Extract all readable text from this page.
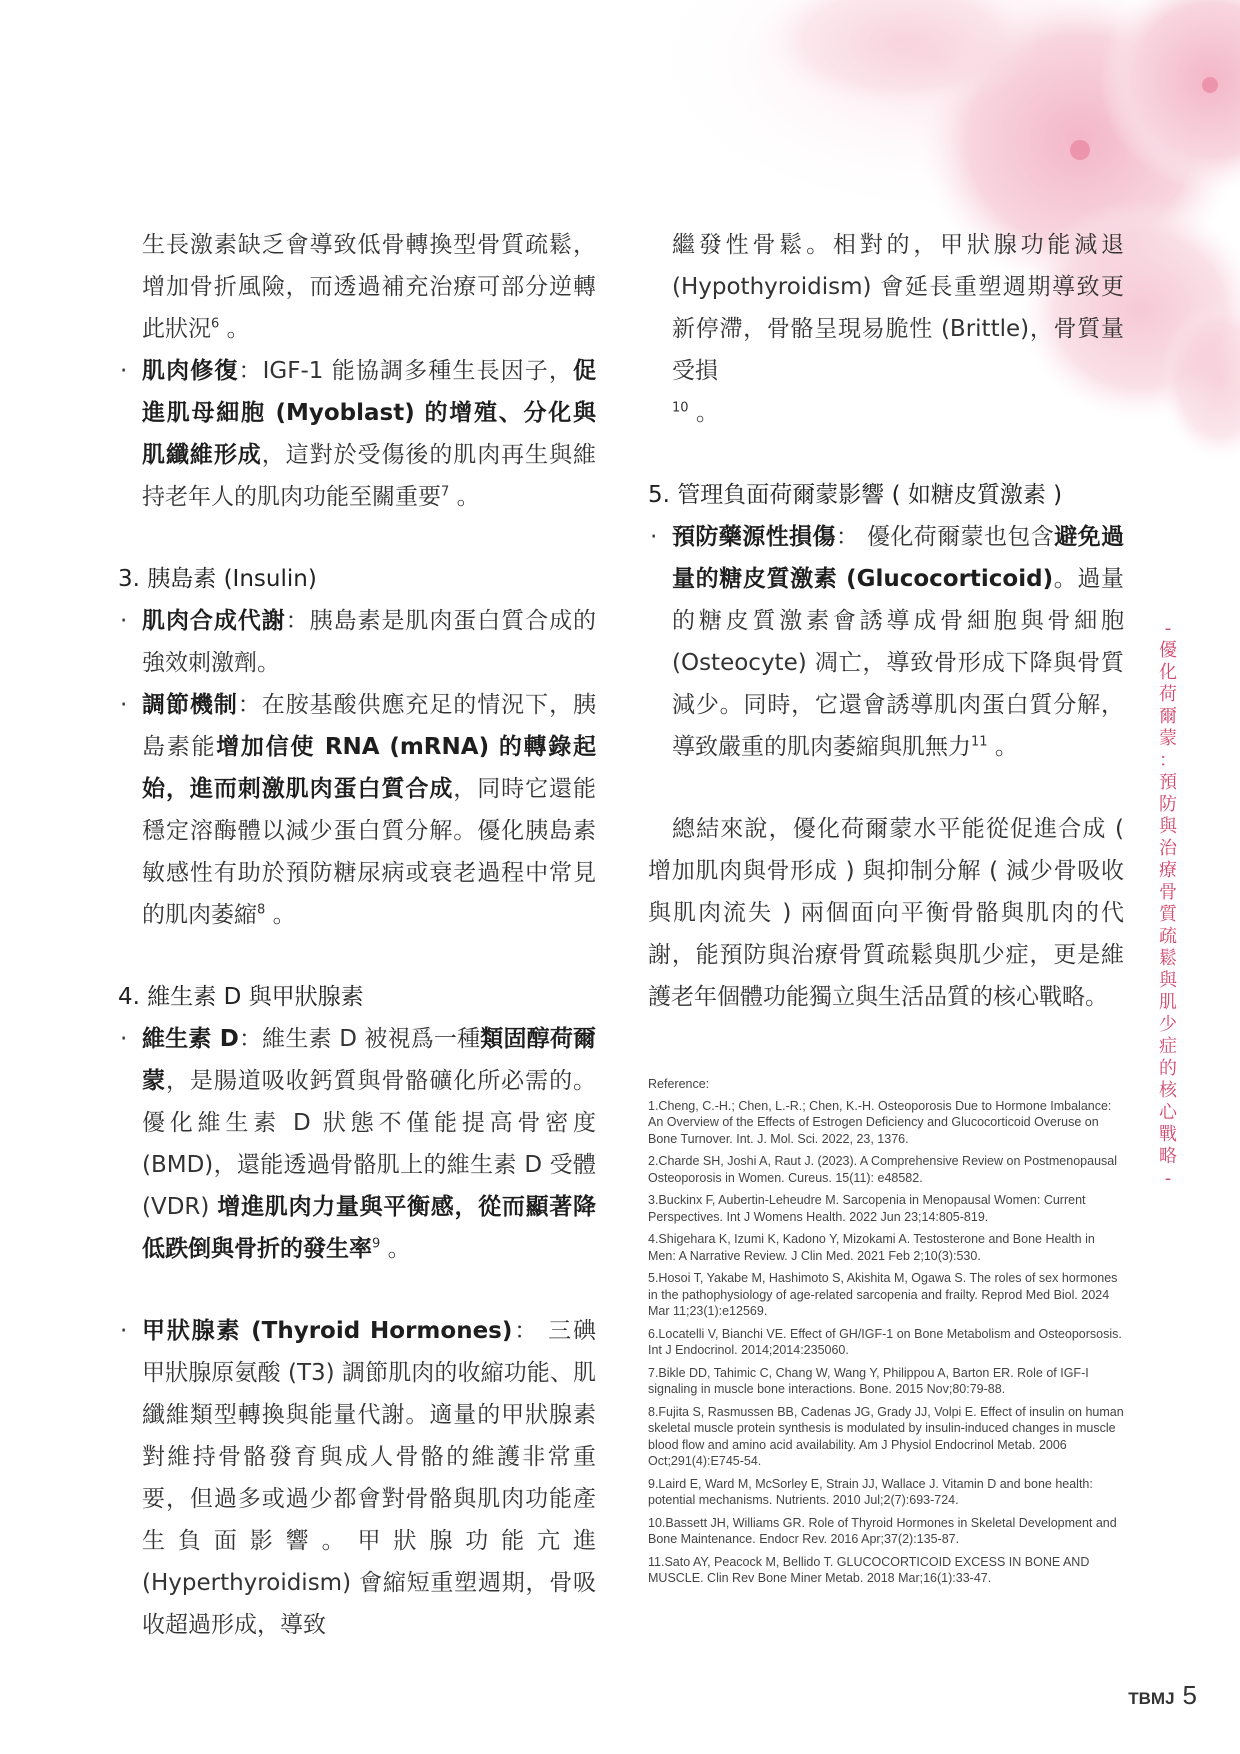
生長激素缺乏會導致低骨轉換型骨質疏鬆，增加骨折風險，而透過補充治療可部分逆轉此狀況$^6$ 。

· 肌肉修復：IGF-1 能協調多種生長因子，促進肌母細胞 (Myoblast) 的增殖、分化與肌纖維形成，這對於受傷後的肌肉再生與維持老年人的肌肉功能至關重要$^7$ 。

3. 胰島素 (Insulin)

· 肌肉合成代謝：胰島素是肌肉蛋白質合成的強效刺激劑。

· 調節機制：在胺基酸供應充足的情況下，胰島素能增加信使 RNA (mRNA) 的轉錄起始，進而刺激肌肉蛋白質合成，同時它還能穩定溶酶體以減少蛋白質分解。優化胰島素敏感性有助於預防糖尿病或衰老過程中常見的肌肉萎縮$^8$ 。

4. 維生素 D 與甲狀腺素

· 維生素 D：維生素 D 被視爲一種類固醇荷爾蒙，是腸道吸收鈣質與骨骼礦化所必需的。優化維生素 D 狀態不僅能提高骨密度 (BMD)，還能透過骨骼肌上的維生素 D 受體 (VDR) 增進肌肉力量與平衡感，從而顯著降低跌倒與骨折的發生率$^9$ 。

· 甲狀腺素 (Thyroid Hormones)： 三碘甲狀腺原氨酸 (T3) 調節肌肉的收縮功能、肌纖維類型轉換與能量代謝。適量的甲狀腺素對維持骨骼發育與成人骨骼的維護非常重要，但過多或過少都會對骨骼與肌肉功能產生負面影響。甲狀腺功能亢進 (Hyperthyroidism) 會縮短重塑週期，骨吸收超過形成，導致

繼發性骨鬆。相對的，甲狀腺功能減退 (Hypothyroidism) 會延長重塑週期導致更新停滯，骨骼呈現易脆性 (Brittle)，骨質量受損
$^{10}$ 。

5. 管理負面荷爾蒙影響 ( 如糖皮質激素 )

· 預防藥源性損傷： 優化荷爾蒙也包含避免過量的糖皮質激素 (Glucocorticoid)。過量的糖皮質激素會誘導成骨細胞與骨細胞 (Osteocyte) 凋亡，導致骨形成下降與骨質減少。同時，它還會誘導肌肉蛋白質分解，導致嚴重的肌肉萎縮與肌無力$^{11}$ 。

總結來說，優化荷爾蒙水平能從促進合成 ( 增加肌肉與骨形成 ) 與抑制分解 ( 減少骨吸收與肌肉流失 ) 兩個面向平衡骨骼與肌肉的代謝，能預防與治療骨質疏鬆與肌少症，更是維護老年個體功能獨立與生活品質的核心戰略。

Reference:
1.Cheng, C.-H.; Chen, L.-R.; Chen, K.-H. Osteoporosis Due to Hormone Imbalance: An Overview of the Effects of Estrogen Deficiency and Glucocorticoid Overuse on Bone Turnover. Int. J. Mol. Sci. 2022, 23, 1376.
2.Charde SH, Joshi A, Raut J. (2023). A Comprehensive Review on Postmenopausal Osteoporosis in Women. Cureus. 15(11): e48582.
3.Buckinx F, Aubertin-Leheudre M. Sarcopenia in Menopausal Women: Current Perspectives. Int J Womens Health. 2022 Jun 23;14:805-819.
4.Shigehara K, Izumi K, Kadono Y, Mizokami A. Testosterone and Bone Health in Men: A Narrative Review. J Clin Med. 2021 Feb 2;10(3):530.
5.Hosoi T, Yakabe M, Hashimoto S, Akishita M, Ogawa S. The roles of sex hormones in the pathophysiology of age-related sarcopenia and frailty. Reprod Med Biol. 2024 Mar 11;23(1):e12569.
6.Locatelli V, Bianchi VE. Effect of GH/IGF-1 on Bone Metabolism and Osteoporsosis. Int J Endocrinol. 2014;2014:235060.
7.Bikle DD, Tahimic C, Chang W, Wang Y, Philippou A, Barton ER. Role of IGF-I signaling in muscle bone interactions. Bone. 2015 Nov;80:79-88.
8.Fujita S, Rasmussen BB, Cadenas JG, Grady JJ, Volpi E. Effect of insulin on human skeletal muscle protein synthesis is modulated by insulin-induced changes in muscle blood flow and amino acid availability. Am J Physiol Endocrinol Metab. 2006 Oct;291(4):E745-54.
9.Laird E, Ward M, McSorley E, Strain JJ, Wallace J. Vitamin D and bone health: potential mechanisms. Nutrients. 2010 Jul;2(7):693-724.
10.Bassett JH, Williams GR. Role of Thyroid Hormones in Skeletal Development and Bone Maintenance. Endocr Rev. 2016 Apr;37(2):135-87.
11.Sato AY, Peacock M, Bellido T. GLUCOCORTICOID EXCESS IN BONE AND MUSCLE. Clin Rev Bone Miner Metab. 2018 Mar;16(1):33-47.
-
優
化
荷
爾
蒙
：
預
防
與
治
療
骨
質
疏
鬆
與
肌
少
症
的
核
心
戰
略
-
TBMJ 5
